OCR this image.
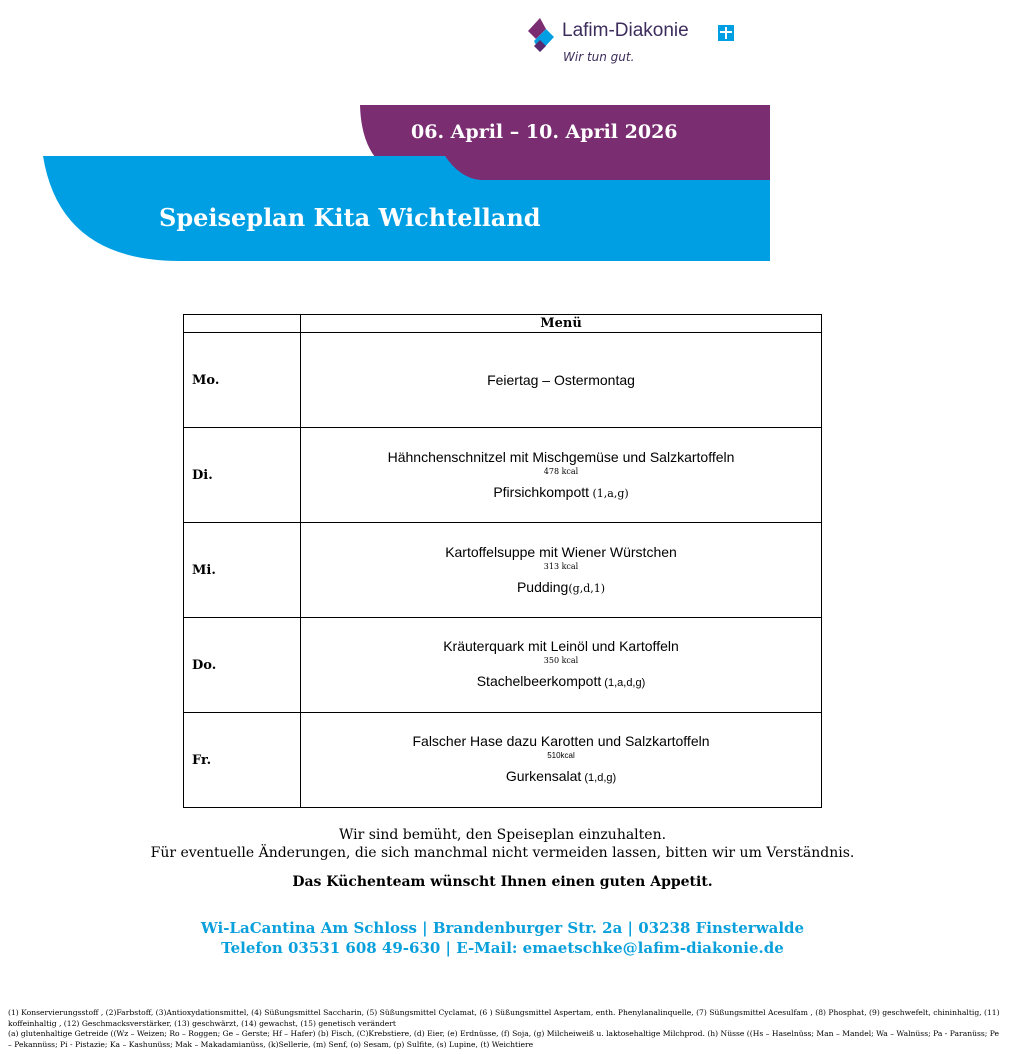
Lafim-Diakonie
Wir tun gut.
06. April – 10. April 2026
Speiseplan Kita Wichtelland
	Menü
Mo.	Feiertag – Ostermontag

Di.	Hähnchenschnitzel mit Mischgemüse und Salzkartoffeln
478 kcal
Pfirsichkompott (1,a,g)

Mi.	Kartoffelsuppe mit Wiener Würstchen
313 kcal
Pudding(g,d,1)

Do.	Kräuterquark mit Leinöl und Kartoffeln
350 kcal
Stachelbeerkompott (1,a,d,g)

Fr.	Falscher Hase dazu Karotten und Salzkartoffeln
510kcal
Gurkensalat (1,d,g)
Wir sind bemüht, den Speiseplan einzuhalten.
Für eventuelle Änderungen, die sich manchmal nicht vermeiden lassen, bitten wir um Verständnis.
Das Küchenteam wünscht Ihnen einen guten Appetit.
Wi-LaCantina Am Schloss | Brandenburger Str. 2a | 03238 Finsterwalde
Telefon 03531 608 49-630 | E-Mail: emaetschke@lafim-diakonie.de
(1) Konservierungsstoff , (2)Farbstoff, (3)Antioxydationsmittel, (4) Süßungsmittel Saccharin, (5) Süßungsmittel Cyclamat, (6 ) Süßungsmittel Aspertam, enth. Phenylanalinquelle, (7) Süßungsmittel Acesulfam , (8) Phosphat, (9) geschwefelt, chininhaltig, (11) koffeinhaltig , (12) Geschmacksverstärker, (13) geschwärzt, (14) gewachst, (15) genetisch verändert
(a) glutenhaltige Getreide ((Wz – Weizen; Ro – Roggen; Ge – Gerste; Hf – Hafer) (b) Fisch, (C)Krebstiere, (d) Eier, (e) Erdnüsse, (f) Soja, (g) Milcheiweiß u. laktosehaltige Milchprod. (h) Nüsse ((Hs – Haselnüss; Man – Mandel; Wa – Walnüss; Pa - Paranüss; Pe – Pekannüss; Pi - Pistazie; Ka – Kashunüss; Mak – Makadamianüss, (k)Sellerie, (m) Senf, (o) Sesam, (p) Sulfite, (s) Lupine, (t) Weichtiere
